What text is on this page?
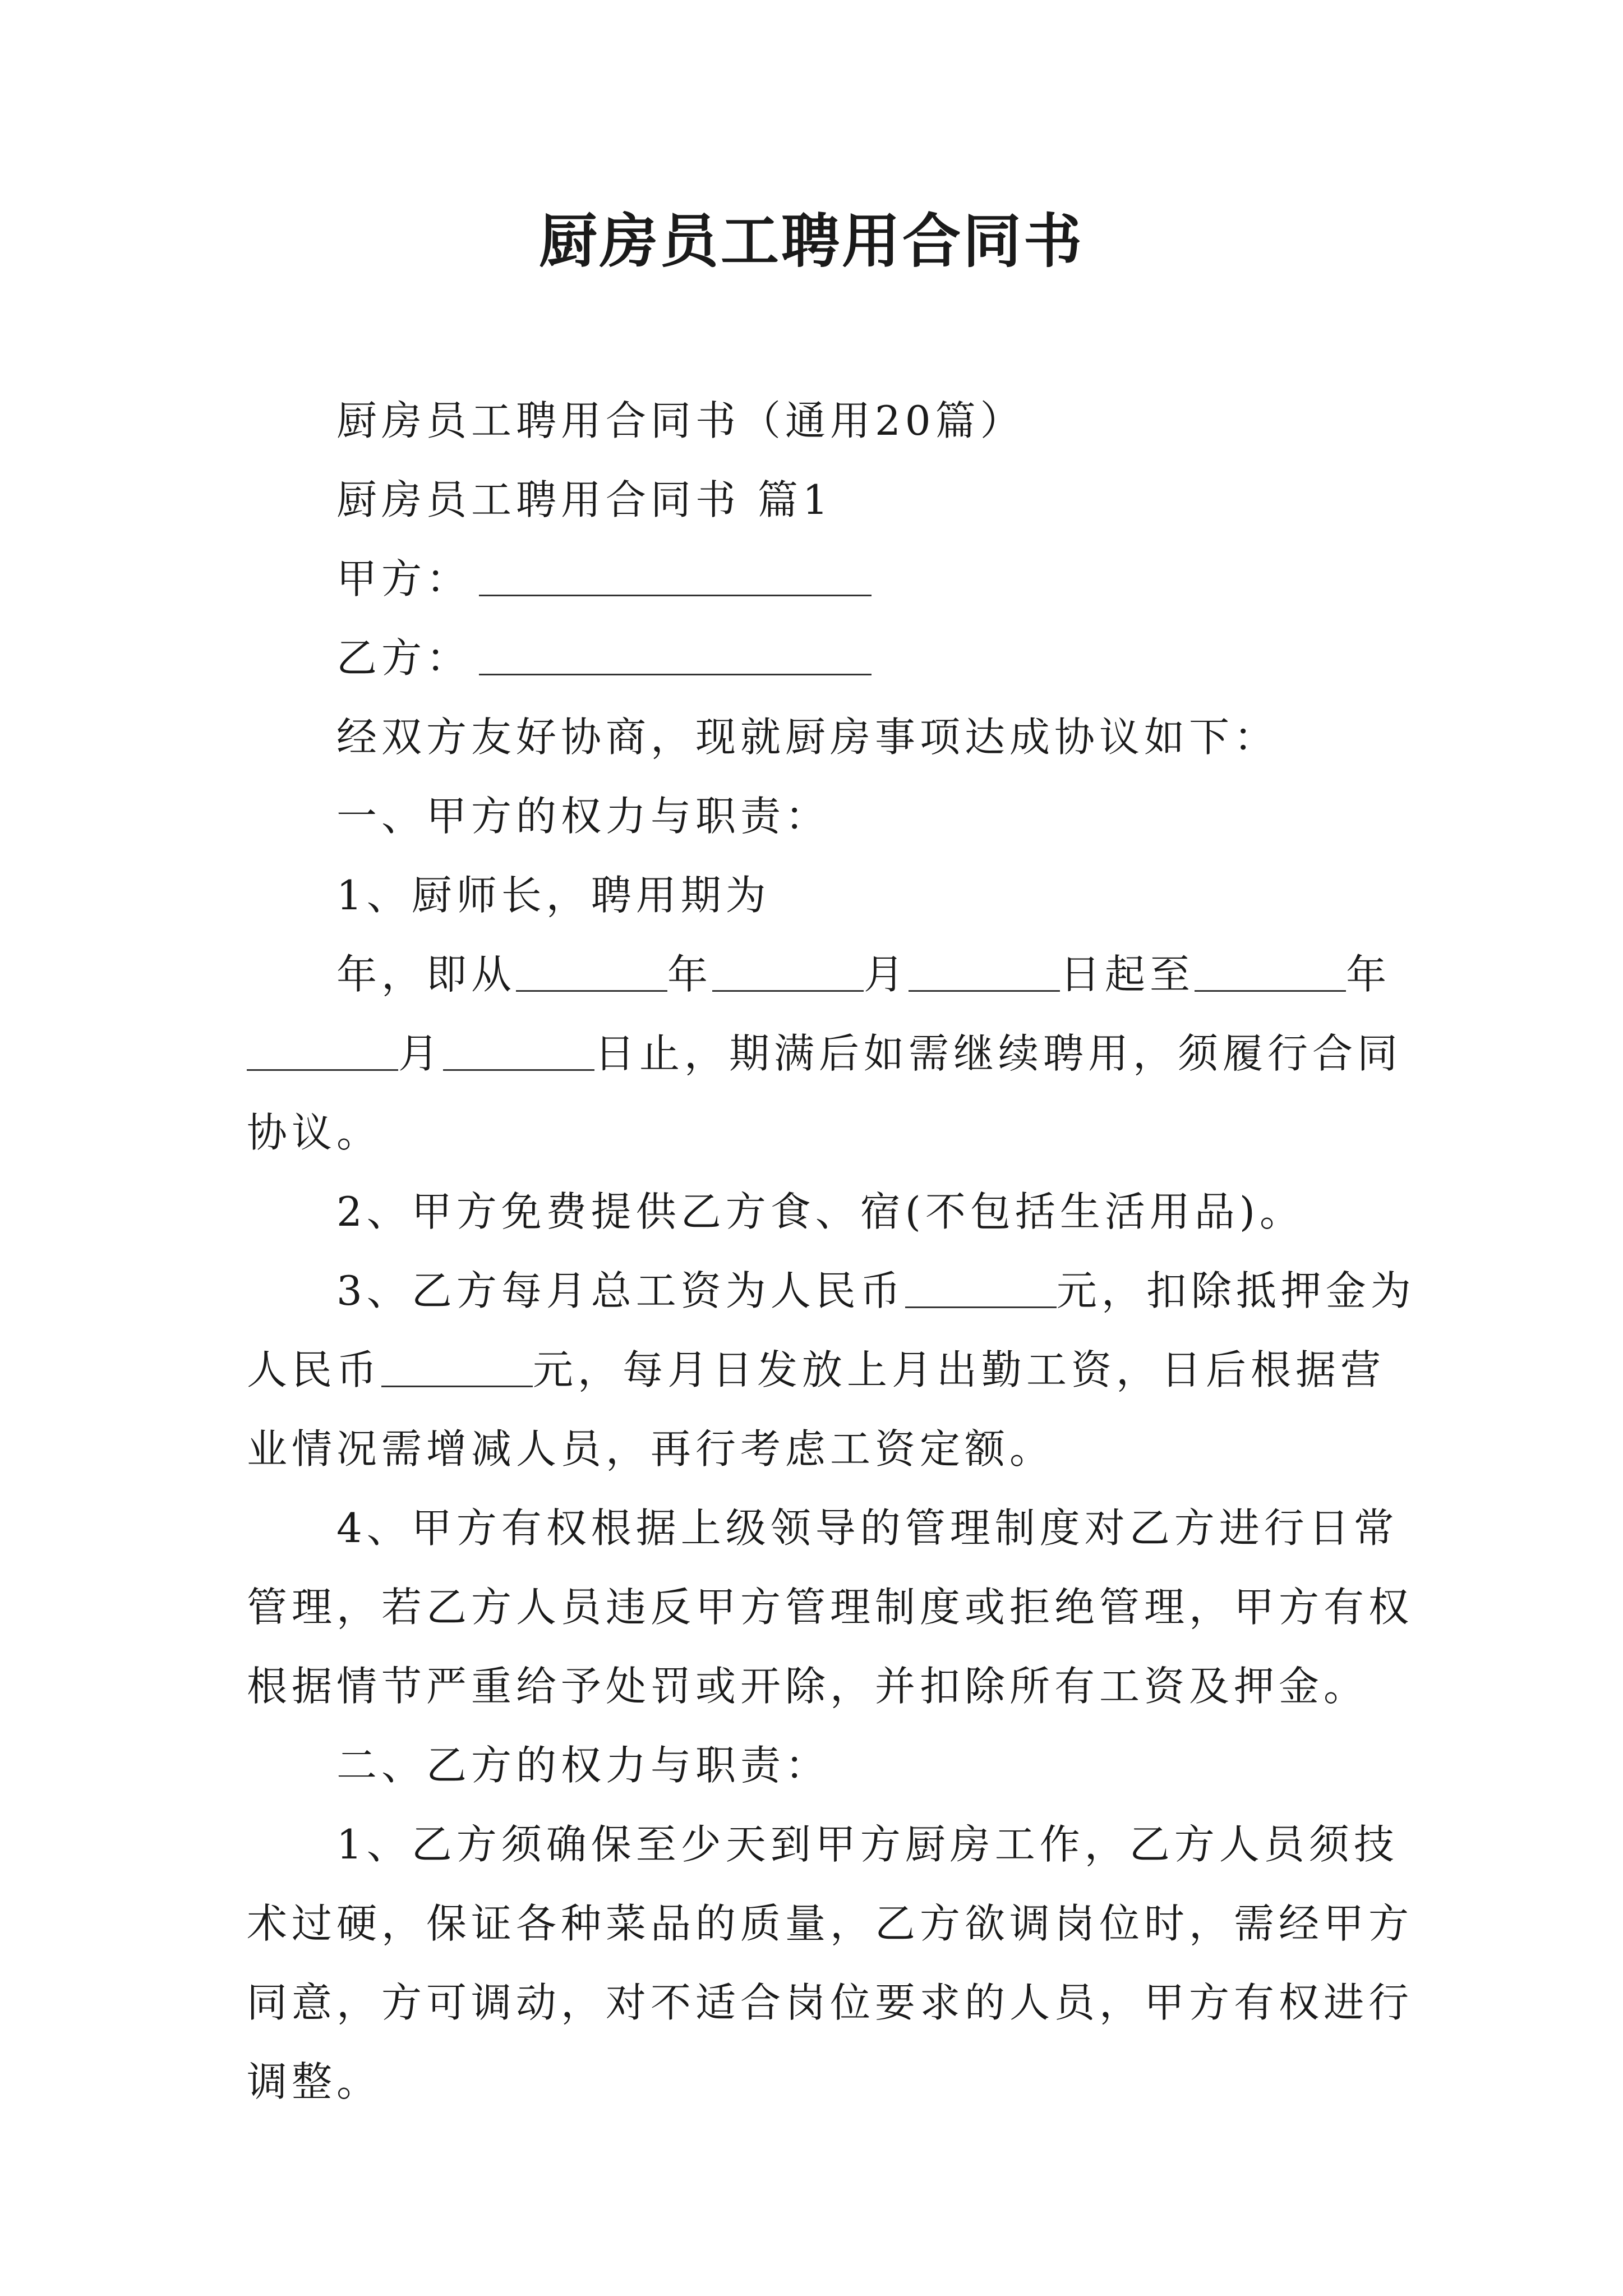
厨房员工聘用合同书
厨房员工聘用合同书（通用20篇）
厨房员工聘用合同书 篇1
甲方：
乙方：
经双方友好协商，现就厨房事项达成协议如下：
一、甲方的权力与职责：
1、厨师长，聘用期为
年，即从	年	月	日起至	年
月	日止，期满后如需继续聘用，须履行合同
协议。
2、甲方免费提供乙方食、宿(不包括生活用品)。
3、乙方每月总工资为人民币	元，扣除抵押金为
人民币	元，每月日发放上月出勤工资，日后根据营
业情况需增减人员，再行考虑工资定额。
4、甲方有权根据上级领导的管理制度对乙方进行日常
管理，若乙方人员违反甲方管理制度或拒绝管理，甲方有权
根据情节严重给予处罚或开除，并扣除所有工资及押金。
二、乙方的权力与职责：
1、乙方须确保至少天到甲方厨房工作，乙方人员须技
术过硬，保证各种菜品的质量，乙方欲调岗位时，需经甲方
同意，方可调动，对不适合岗位要求的人员，甲方有权进行
调整。
